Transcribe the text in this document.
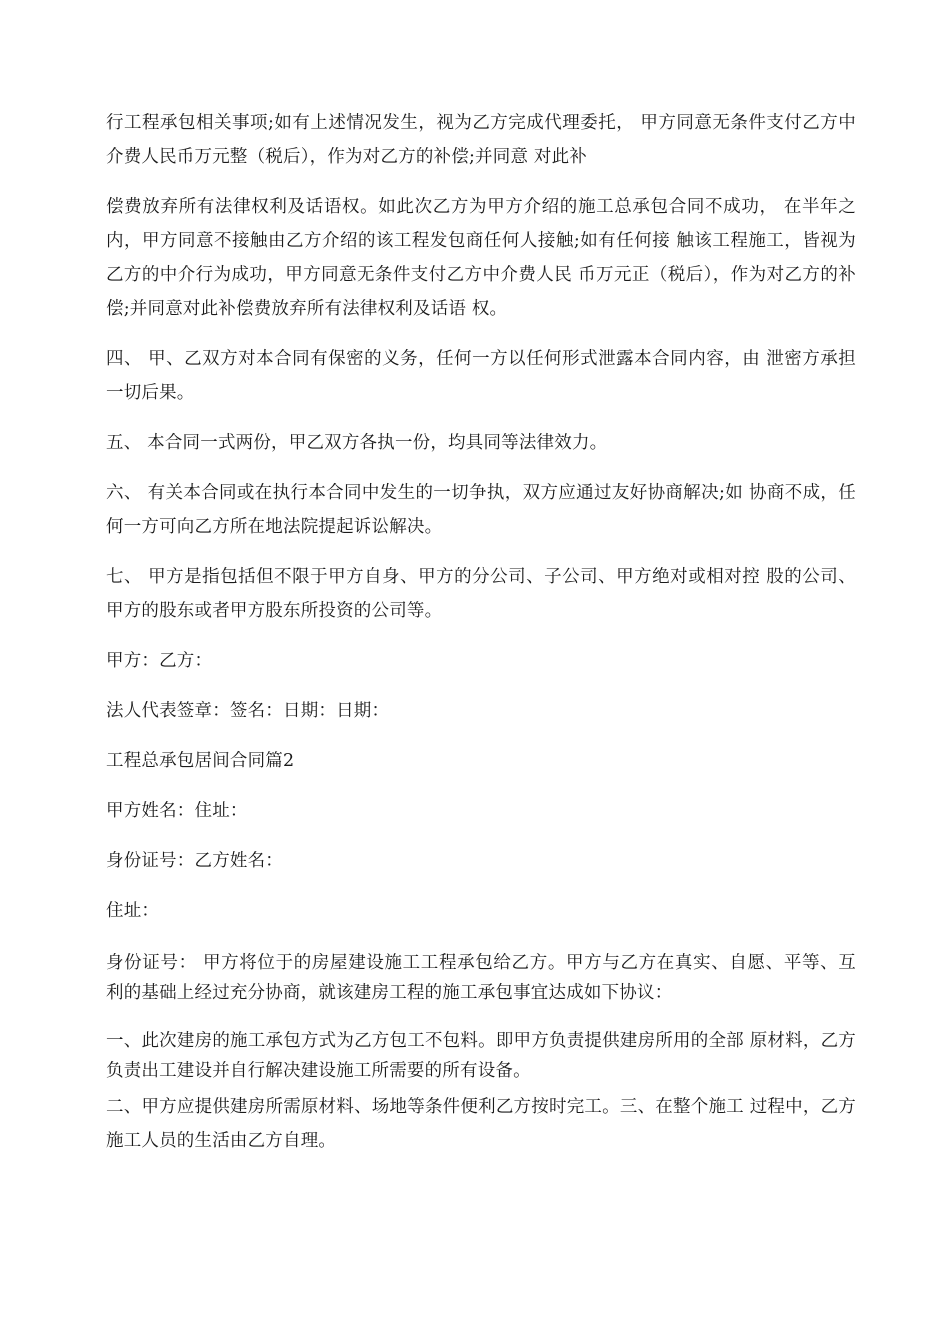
行工程承包相关事项;如有上述情况发生，视为乙方完成代理委托， 甲方同意无条件支付乙方中介费人民币万元整（税后），作为对乙方的补偿;并同意 对此补

偿费放弃所有法律权利及话语权。如此次乙方为甲方介绍的施工总承包合同不成功， 在半年之内，甲方同意不接触由乙方介绍的该工程发包商任何人接触;如有任何接 触该工程施工，皆视为乙方的中介行为成功，甲方同意无条件支付乙方中介费人民 币万元正（税后），作为对乙方的补偿;并同意对此补偿费放弃所有法律权利及话语 权。

四、 甲、乙双方对本合同有保密的义务，任何一方以任何形式泄露本合同内容，由 泄密方承担一切后果。

五、 本合同一式两份，甲乙双方各执一份，均具同等法律效力。

六、 有关本合同或在执行本合同中发生的一切争执，双方应通过友好协商解决;如 协商不成，任何一方可向乙方所在地法院提起诉讼解决。

七、 甲方是指包括但不限于甲方自身、甲方的分公司、子公司、甲方绝对或相对控 股的公司、甲方的股东或者甲方股东所投资的公司等。

甲方：乙方：

法人代表签章：签名：日期：日期：

工程总承包居间合同篇2

甲方姓名：住址：

身份证号：乙方姓名：

住址：

身份证号： 甲方将位于的房屋建设施工工程承包给乙方。甲方与乙方在真实、自愿、平等、互 利的基础上经过充分协商，就该建房工程的施工承包事宜达成如下协议：

一、此次建房的施工承包方式为乙方包工不包料。即甲方负责提供建房所用的全部 原材料，乙方负责出工建设并自行解决建设施工所需要的所有设备。

二、甲方应提供建房所需原材料、场地等条件便利乙方按时完工。三、在整个施工 过程中，乙方施工人员的生活由乙方自理。
